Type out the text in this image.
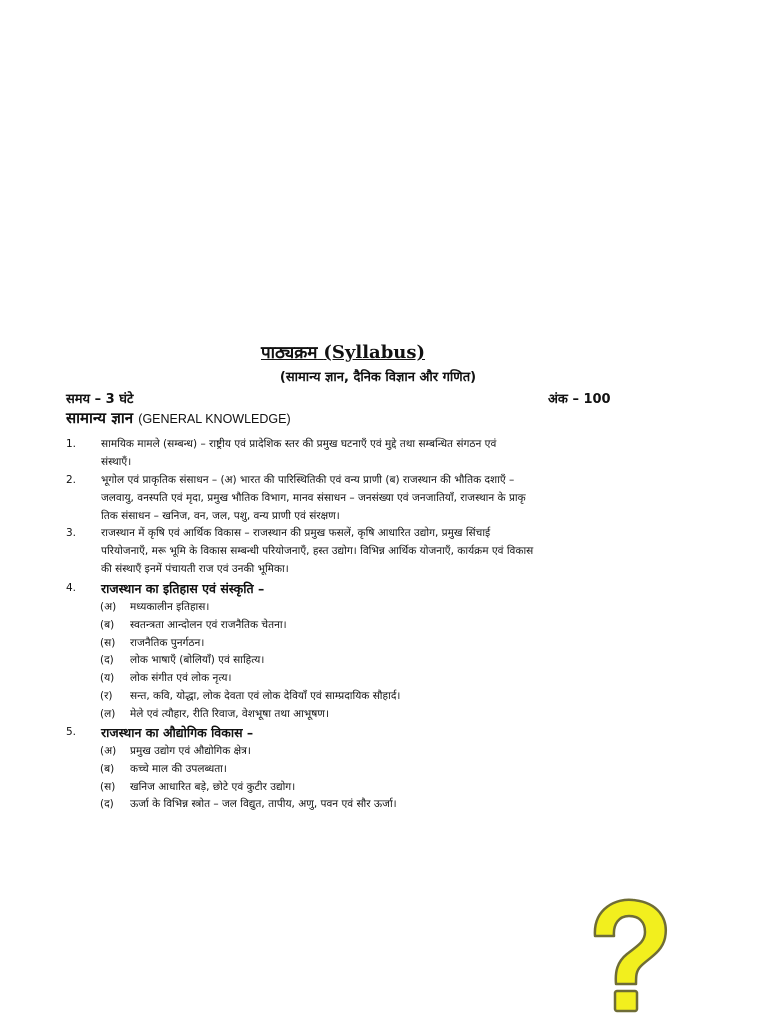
पाठ्यक्रम (Syllabus)
(सामान्य ज्ञान, दैनिक विज्ञान और गणित)
समय – 3 घंटे	अंक – 100
सामान्य ज्ञान (GENERAL KNOWLEDGE)
1.	सामयिक मामले (सम्बन्ध) – राष्ट्रीय एवं प्रादेशिक स्तर की प्रमुख घटनाएँ एवं मुद्दे तथा सम्बन्धित संगठन एवं
संस्थाएँ।
2.	भूगोल एवं प्राकृतिक संसाधन – (अ) भारत की पारिस्थितिकी एवं वन्य प्राणी (ब) राजस्थान की भौतिक दशाएँ –
जलवायु, वनस्पति एवं मृदा, प्रमुख भौतिक विभाग, मानव संसाधन – जनसंख्या एवं जनजातियाँ, राजस्थान के प्राकृ
तिक संसाधन – खनिज, वन, जल, पशु, वन्य प्राणी एवं संरक्षण।
3.	राजस्थान में कृषि एवं आर्थिक विकास – राजस्थान की प्रमुख फसलें, कृषि आधारित उद्योग, प्रमुख सिंचाई
परियोजनाएँ, मरू भूमि के विकास सम्बन्धी परियोजनाएँ, हस्त उद्योग। विभिन्न आर्थिक योजनाएँ, कार्यक्रम एवं विकास
की संस्थाएँ इनमें पंचायती राज एवं उनकी भूमिका।
4.	राजस्थान का इतिहास एवं संस्कृति –
(अ) मध्यकालीन इतिहास।
(ब) स्वतन्त्रता आन्दोलन एवं राजनैतिक चेतना।
(स) राजनैतिक पुनर्गठन।
(द) लोक भाषाएँ (बोलियाँ) एवं साहित्य।
(य) लोक संगीत एवं लोक नृत्य।
(र) सन्त, कवि, योद्धा, लोक देवता एवं लोक देवियाँ एवं साम्प्रदायिक सौहार्द।
(ल) मेले एवं त्यौहार, रीति रिवाज, वेशभूषा तथा आभूषण।
5.	राजस्थान का औद्योगिक विकास –
(अ) प्रमुख उद्योग एवं औद्योगिक क्षेत्र।
(ब) कच्चे माल की उपलब्धता।
(स) खनिज आधारित बड़े, छोटे एवं कुटीर उद्योग।
(द) ऊर्जा के विभिन्न स्त्रोत – जल विद्युत, तापीय, अणु, पवन एवं सौर ऊर्जा।
